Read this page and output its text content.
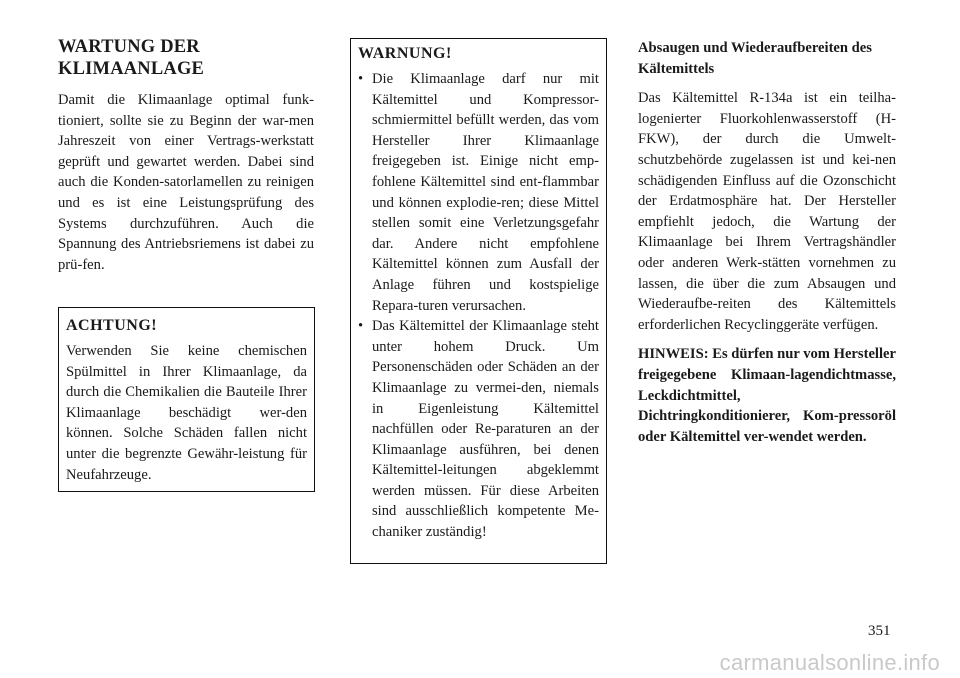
WARTUNG DER KLIMAANLAGE

Damit die Klimaanlage optimal funk-tioniert, sollte sie zu Beginn der war-men Jahreszeit von einer Vertrags-werkstatt geprüft und gewartet werden. Dabei sind auch die Konden-satorlamellen zu reinigen und es ist eine Leistungsprüfung des Systems durchzuführen. Auch die Spannung des Antriebsriemens ist dabei zu prü-fen.

ACHTUNG!

Verwenden Sie keine chemischen Spülmittel in Ihrer Klimaanlage, da durch die Chemikalien die Bauteile Ihrer Klimaanlage beschädigt wer-den können. Solche Schäden fallen nicht unter die begrenzte Gewähr-leistung für Neufahrzeuge.

WARNUNG!
• Die Klimaanlage darf nur mit Kältemittel und Kompressor-schmiermittel befüllt werden, das vom Hersteller Ihrer Klimaanlage freigegeben ist. Einige nicht emp-fohlene Kältemittel sind ent-flammbar und können explodie-ren; diese Mittel stellen somit eine Verletzungsgefahr dar. Andere nicht empfohlene Kältemittel können zum Ausfall der Anlage führen und kostspielige Repara-turen verursachen.
• Das Kältemittel der Klimaanlage steht unter hohem Druck. Um Personenschäden oder Schäden an der Klimaanlage zu vermei-den, niemals in Eigenleistung Kältemittel nachfüllen oder Re-paraturen an der Klimaanlage ausführen, bei denen Kältemittel-leitungen abgeklemmt werden müssen. Für diese Arbeiten sind ausschließlich kompetente Me-chaniker zuständig!
Absaugen und Wiederaufbereiten des Kältemittels

Das Kältemittel R-134a ist ein teilha-logenierter Fluorkohlenwasserstoff (H-FKW), der durch die Umwelt-schutzbehörde zugelassen ist und kei-nen schädigenden Einfluss auf die Ozonschicht der Erdatmosphäre hat. Der Hersteller empfiehlt jedoch, die Wartung der Klimaanlage bei Ihrem Vertragshändler oder anderen Werk-stätten vornehmen zu lassen, die über die zum Absaugen und Wiederaufbe-reiten des Kältemittels erforderlichen Recyclinggeräte verfügen.

HINWEIS: Es dürfen nur vom Hersteller freigegebene Klimaan-lagendichtmasse, Leckdichtmittel, Dichtringkonditionierer, Kom-pressoröl oder Kältemittel ver-wendet werden.

351
carmanualsonline.info
